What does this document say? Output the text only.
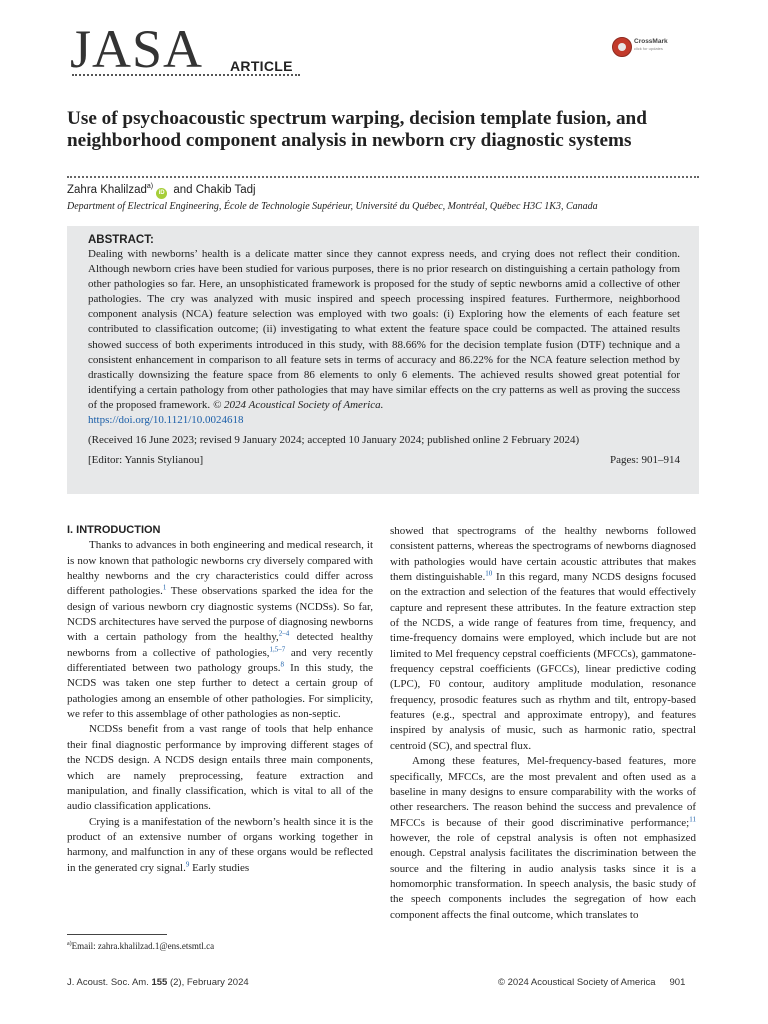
JASA ARTICLE
CrossMark
click for updates
Use of psychoacoustic spectrum warping, decision template fusion, and neighborhood component analysis in newborn cry diagnostic systems
Zahra Khalilzad$^{a)}$iD and Chakib Tadj
Department of Electrical Engineering, École de Technologie Supérieur, Université du Québec, Montréal, Québec H3C 1K3, Canada
ABSTRACT:
Dealing with newborns’ health is a delicate matter since they cannot express needs, and crying does not reflect their condition. Although newborn cries have been studied for various purposes, there is no prior research on distinguishing a certain pathology from other pathologies so far. Here, an unsophisticated framework is proposed for the study of septic newborns amid a collective of other pathologies. The cry was analyzed with music inspired and speech processing inspired features. Furthermore, neighborhood component analysis (NCA) feature selection was employed with two goals: (i) Exploring how the elements of each feature set contributed to classification outcome; (ii) investigating to what extent the feature space could be compacted. The attained results showed success of both experiments introduced in this study, with 88.66% for the decision template fusion (DTF) technique and a consistent enhancement in comparison to all feature sets in terms of accuracy and 86.22% for the NCA feature selection method by drastically downsizing the feature space from 86 elements to only 6 elements. The achieved results showed great potential for identifying a certain pathology from other pathologies that may have similar effects on the cry patterns as well as proving the success of the proposed framework. © 2024 Acoustical Society of America.
https://doi.org/10.1121/10.0024618
(Received 16 June 2023; revised 9 January 2024; accepted 10 January 2024; published online 2 February 2024)
[Editor: Yannis Stylianou]	Pages: 901–914

I. INTRODUCTION

Thanks to advances in both engineering and medical research, it is now known that pathologic newborns cry diversely compared with healthy newborns and the cry characteristics could differ across different pathologies.$^1$ These observations sparked the idea for the design of various newborn cry diagnostic systems (NCDSs). So far, NCDS architectures have served the purpose of diagnosing newborns with a certain pathology from the healthy,$^{2-4}$ detected healthy newborns from a collective of pathologies,$^{1,5-7}$ and very recently differentiated between two pathology groups.$^8$ In this study, the NCDS was taken one step further to detect a certain group of pathologies among an ensemble of other pathologies. For simplicity, we refer to this assemblage of other pathologies as non-septic.

NCDSs benefit from a vast range of tools that help enhance their final diagnostic performance by improving different stages of the NCDS design. A NCDS design entails three main components, which are namely preprocessing, feature extraction and manipulation, and finally classification, which is vital to all of the audio classification applications.

Crying is a manifestation of the newborn’s health since it is the product of an extensive number of organs working together in harmony, and malfunction in any of these organs would be reflected in the generated cry signal.$^9$ Early studies

showed that spectrograms of the healthy newborns followed consistent patterns, whereas the spectrograms of newborns diagnosed with pathologies would have certain acoustic attributes that makes them distinguishable.$^{10}$ In this regard, many NCDS designs focused on the extraction and selection of the features that would effectively capture and represent these attributes. In the feature extraction step of the NCDS, a wide range of features from time, frequency, and time-frequency domains were employed, which include but are not limited to Mel frequency cepstral coefficients (MFCCs), gammatone-frequency cepstral coefficients (GFCCs), linear predictive coding (LPC), F0 contour, auditory amplitude modulation, resonance frequency, prosodic features such as rhythm and tilt, entropy-based features (e.g., spectral and approximate entropy), and features inspired by analysis of music, such as harmonic ratio, spectral centroid (SC), and spectral flux.

Among these features, Mel-frequency-based features, more specifically, MFCCs, are the most prevalent and often used as a baseline in many designs to ensure comparability with the works of other researchers. The reason behind the success and prevalence of MFCCs is because of their good discriminative performance;$^{11}$ however, the role of cepstral analysis is often not emphasized enough. Cepstral analysis facilitates the discrimination between the source and the filtering in audio analysis tasks since it is a homomorphic transformation. In speech analysis, the basic study of the speech components includes the segregation of how each component affects the final outcome, which translates to

$^{a)}$Email: zahra.khalilzad.1@ens.etsmtl.ca
J. Acoust. Soc. Am. 155 (2), February 2024	© 2024 Acoustical Society of America 901
